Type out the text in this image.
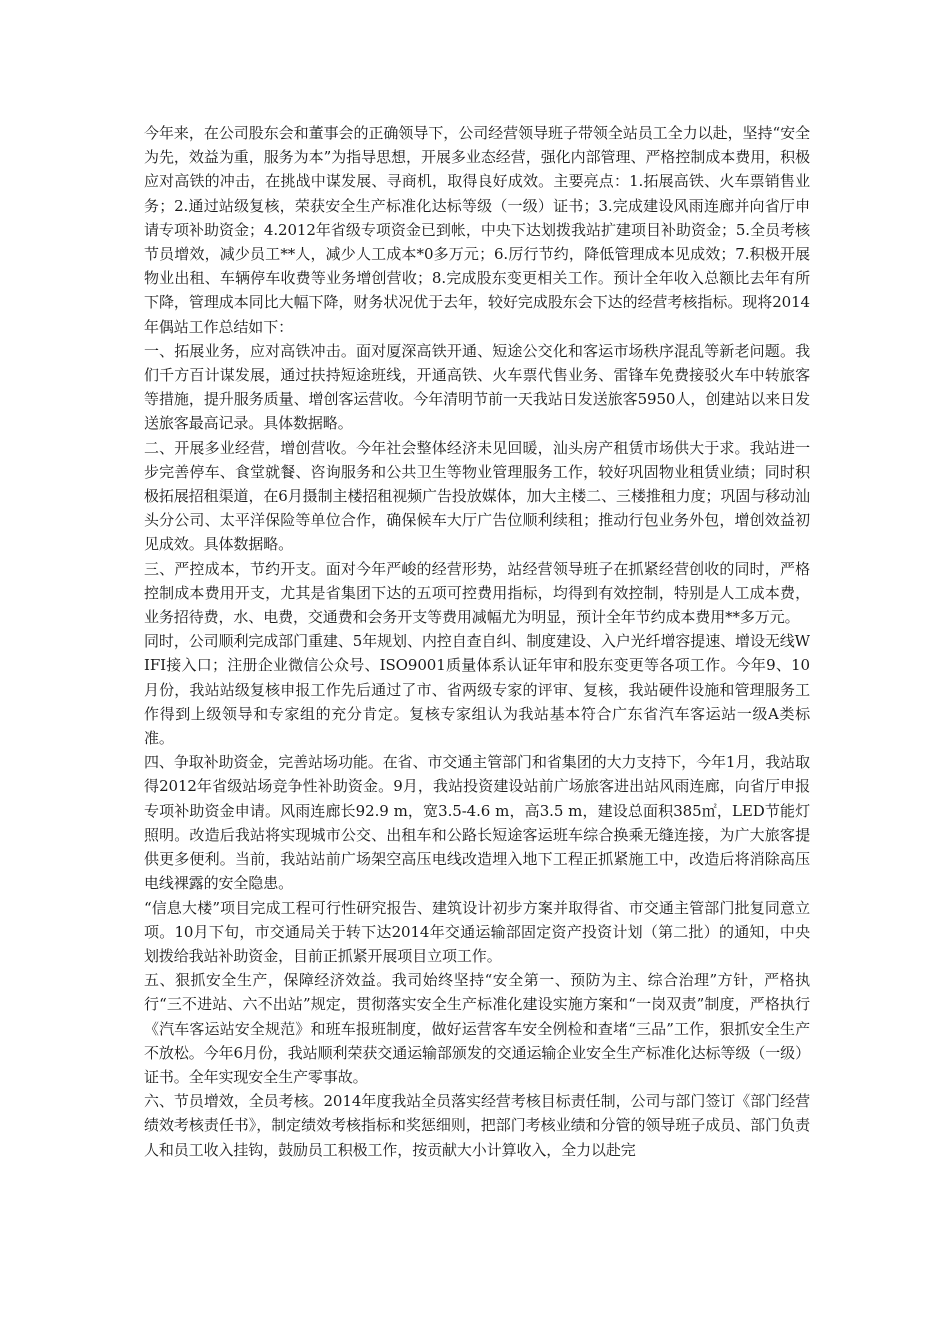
今年来，在公司股东会和董事会的正确领导下，公司经营领导班子带领全站员工全力以赴，坚持“安全为先，效益为重，服务为本”为指导思想，开展多业态经营，强化内部管理、严格控制成本费用，积极应对高铁的冲击，在挑战中谋发展、寻商机，取得良好成效。主要亮点：1.拓展高铁、火车票销售业务；2.通过站级复核，荣获安全生产标准化达标等级（一级）证书；3.完成建设风雨连廊并向省厅申请专项补助资金；4.2012年省级专项资金已到帐，中央下达划拨我站扩建项目补助资金；5.全员考核节员增效，减少员工**人，减少人工成本*0多万元；6.厉行节约，降低管理成本见成效；7.积极开展物业出租、车辆停车收费等业务增创营收；8.完成股东变更相关工作。预计全年收入总额比去年有所下降，管理成本同比大幅下降，财务状况优于去年，较好完成股东会下达的经营考核指标。现将2014年偶站工作总结如下：

一、拓展业务，应对高铁冲击。面对厦深高铁开通、短途公交化和客运市场秩序混乱等新老问题。我们千方百计谋发展，通过扶持短途班线，开通高铁、火车票代售业务、雷锋车免费接驳火车中转旅客等措施，提升服务质量、增创客运营收。今年清明节前一天我站日发送旅客5950人，创建站以来日发送旅客最高记录。具体数据略。

二、开展多业经营，增创营收。今年社会整体经济未见回暖，汕头房产租赁市场供大于求。我站进一步完善停车、食堂就餐、咨询服务和公共卫生等物业管理服务工作，较好巩固物业租赁业绩；同时积极拓展招租渠道，在6月摄制主楼招租视频广告投放媒体，加大主楼二、三楼推租力度；巩固与移动汕头分公司、太平洋保险等单位合作，确保候车大厅广告位顺利续租；推动行包业务外包，增创效益初见成效。具体数据略。

三、严控成本，节约开支。面对今年严峻的经营形势，站经营领导班子在抓紧经营创收的同时，严格控制成本费用开支，尤其是省集团下达的五项可控费用指标，均得到有效控制，特别是人工成本费，业务招待费，水、电费，交通费和会务开支等费用减幅尤为明显，预计全年节约成本费用**多万元。

同时，公司顺利完成部门重建、5年规划、内控自查自纠、制度建设、入户光纤增容提速、增设无线WIFI接入口；注册企业微信公众号、ISO9001质量体系认证年审和股东变更等各项工作。今年9、10月份，我站站级复核申报工作先后通过了市、省两级专家的评审、复核，我站硬件设施和管理服务工作得到上级领导和专家组的充分肯定。复核专家组认为我站基本符合广东省汽车客运站一级A类标准。

四、争取补助资金，完善站场功能。在省、市交通主管部门和省集团的大力支持下，今年1月，我站取得2012年省级站场竞争性补助资金。9月，我站投资建设站前广场旅客进出站风雨连廊，向省厅申报专项补助资金申请。风雨连廊长92.9 m，宽3.5-4.6 m，高3.5 m，建设总面积385㎡，LED节能灯照明。改造后我站将实现城市公交、出租车和公路长短途客运班车综合换乘无缝连接，为广大旅客提供更多便利。当前，我站站前广场架空高压电线改造埋入地下工程正抓紧施工中，改造后将消除高压电线裸露的安全隐患。

“信息大楼”项目完成工程可行性研究报告、建筑设计初步方案并取得省、市交通主管部门批复同意立项。10月下旬，市交通局关于转下达2014年交通运输部固定资产投资计划（第二批）的通知，中央划拨给我站补助资金，目前正抓紧开展项目立项工作。

五、狠抓安全生产，保障经济效益。我司始终坚持“安全第一、预防为主、综合治理”方针，严格执行“三不进站、六不出站”规定，贯彻落实安全生产标准化建设实施方案和“一岗双责”制度，严格执行《汽车客运站安全规范》和班车报班制度，做好运营客车安全例检和查堵“三品”工作，狠抓安全生产不放松。今年6月份，我站顺利荣获交通运输部颁发的交通运输企业安全生产标准化达标等级（一级）证书。全年实现安全生产零事故。

六、节员增效，全员考核。2014年度我站全员落实经营考核目标责任制，公司与部门签订《部门经营绩效考核责任书》，制定绩效考核指标和奖惩细则，把部门考核业绩和分管的领导班子成员、部门负责人和员工收入挂钩，鼓励员工积极工作，按贡献大小计算收入，全力以赴完
